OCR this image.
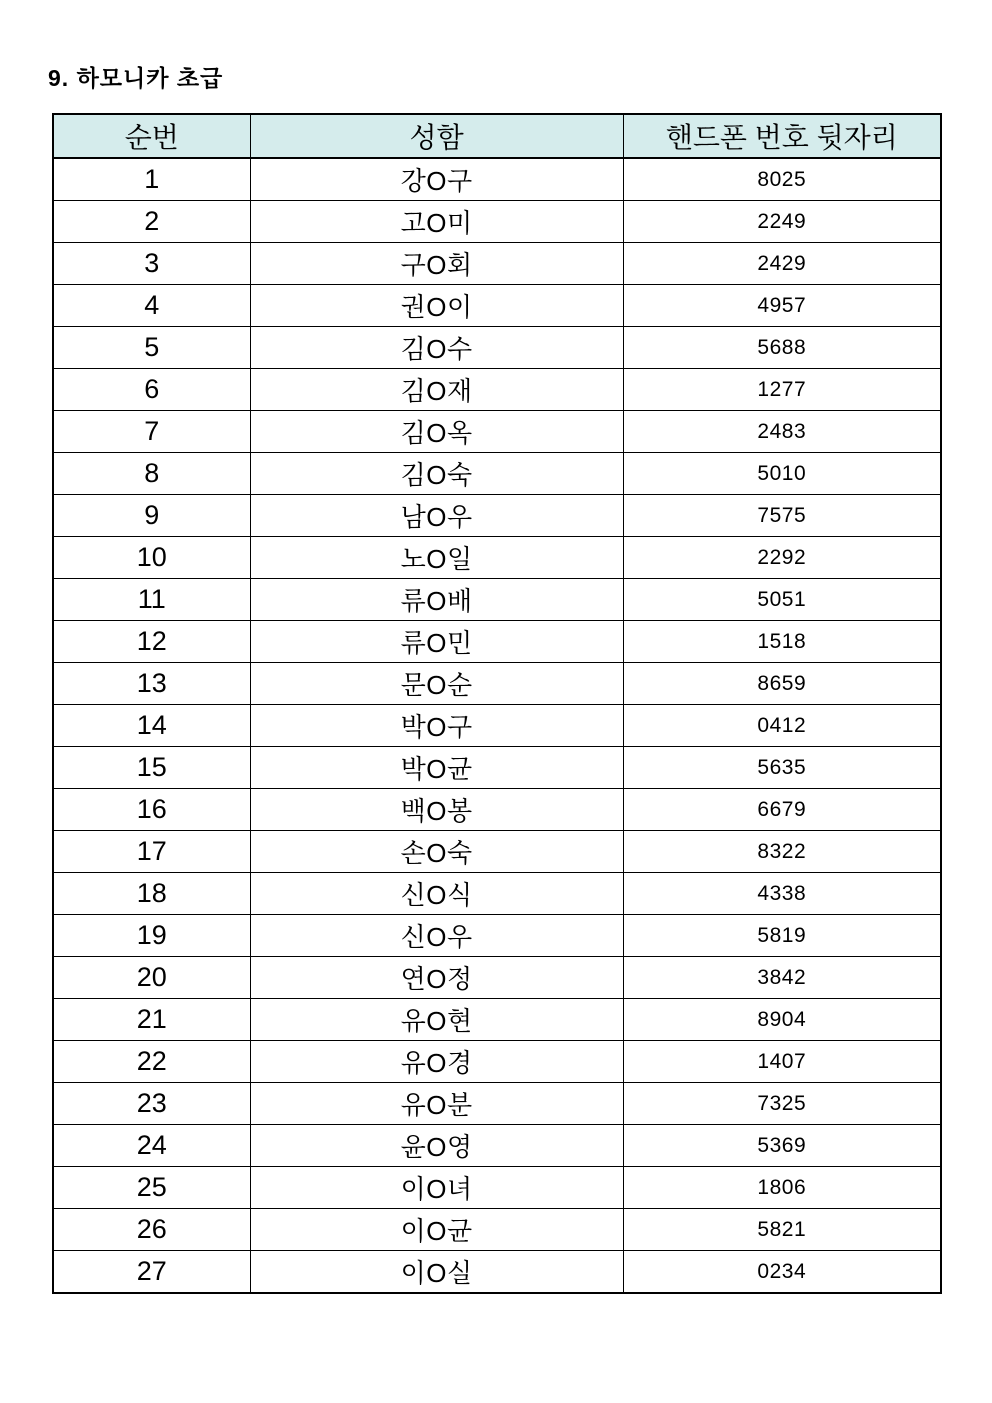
9. 하모니카 초급
순번	성함	핸드폰 번호 뒷자리
1	강O구	8025
2	고O미	2249
3	구O회	2429
4	권O이	4957
5	김O수	5688
6	김O재	1277
7	김O옥	2483
8	김O숙	5010
9	남O우	7575
10	노O일	2292
11	류O배	5051
12	류O민	1518
13	문O순	8659
14	박O구	0412
15	박O균	5635
16	백O봉	6679
17	손O숙	8322
18	신O식	4338
19	신O우	5819
20	연O정	3842
21	유O현	8904
22	유O경	1407
23	유O분	7325
24	윤O영	5369
25	이O녀	1806
26	이O균	5821
27	이O실	0234
